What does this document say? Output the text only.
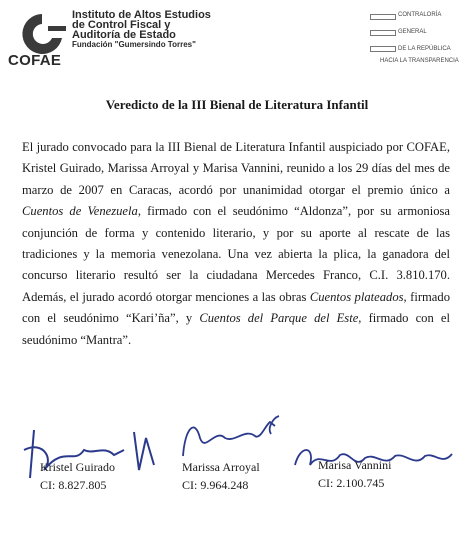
COFAE
Instituto de Altos Estudios
de Control Fiscal y
Auditoría de Estado
Fundación "Gumersindo Torres"
CONTRALORÍA
GENERAL
DE LA REPÚBLICA
HACIA LA TRANSPARENCIA
Veredicto de la III Bienal de Literatura Infantil

El jurado convocado para la III Bienal de Literatura Infantil auspiciado por COFAE, Kristel Guirado, Marissa Arroyal y Marisa Vannini, reunido a los 29 días del mes de marzo de 2007 en Caracas, acordó por unanimidad otorgar el premio único a Cuentos de Venezuela, firmado con el seudónimo “Aldonza”, por su armoniosa conjunción de forma y contenido literario, y por su aporte al rescate de las tradiciones y la memoria venezolana. Una vez abierta la plica, la ganadora del concurso literario resultó ser la ciudadana Mercedes Franco, C.I. 3.810.170. Además, el jurado acordó otorgar menciones a las obras Cuentos plateados, firmado con el seudónimo “Kari’ña”, y Cuentos del Parque del Este, firmado con el seudónimo “Mantra”.

Kristel Guirado
CI: 8.827.805
Marissa Arroyal
CI: 9.964.248
Marisa Vannini
CI: 2.100.745
